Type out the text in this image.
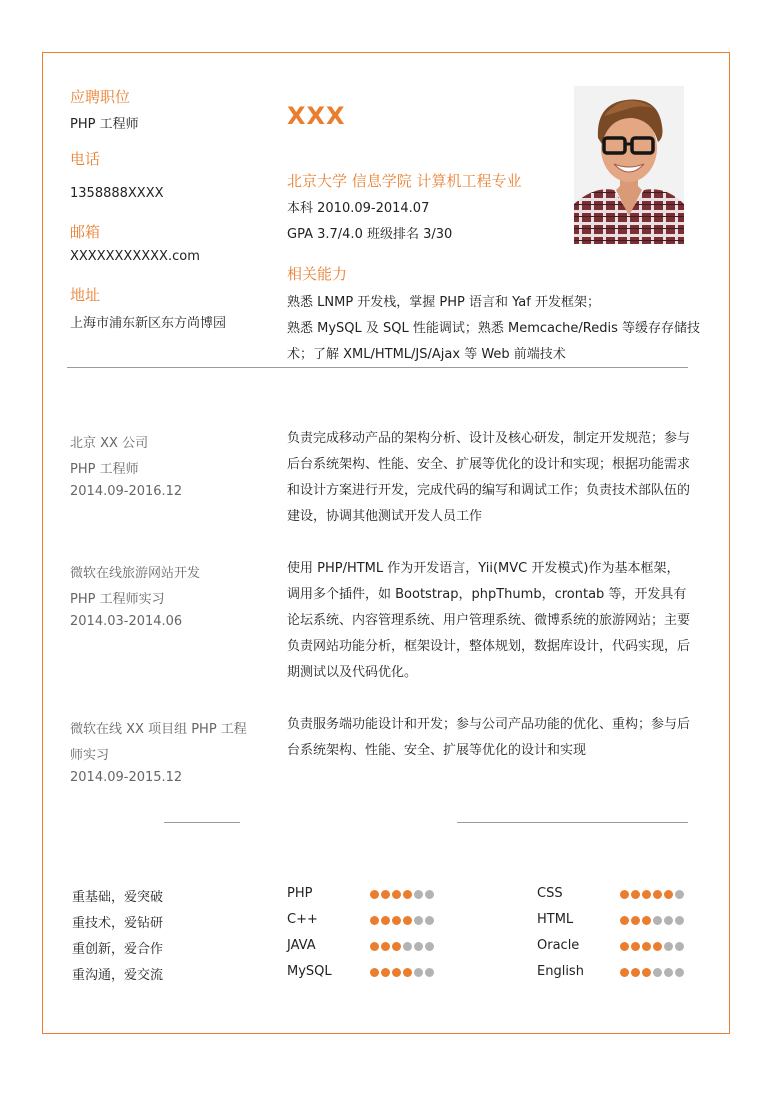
应聘职位
PHP 工程师
电话
1358888XXXX
邮箱
XXXXXXXXXXX.com
地址
上海市浦东新区东方尚博园
XXX
北京大学 信息学院 计算机工程专业
本科 2010.09-2014.07
GPA 3.7/4.0 班级排名 3/30
相关能力
熟悉 LNMP 开发栈，掌握 PHP 语言和 Yaf 开发框架；
熟悉 MySQL 及 SQL 性能调试；熟悉 Memcache/Redis 等缓存存储技
术；了解 XML/HTML/JS/Ajax 等 Web 前端技术
北京 XX 公司
PHP 工程师
2014.09-2016.12
负责完成移动产品的架构分析、设计及核心研发，制定开发规范；参与后台系统架构、性能、安全、扩展等优化的设计和实现；根据功能需求和设计方案进行开发，完成代码的编写和调试工作；负责技术部队伍的建设，协调其他测试开发人员工作
微软在线旅游网站开发
PHP 工程师实习
2014.03-2014.06
使用 PHP/HTML 作为开发语言，Yii(MVC 开发模式)作为基本框架，调用多个插件，如 Bootstrap，phpThumb，crontab 等，开发具有论坛系统、内容管理系统、用户管理系统、微博系统的旅游网站；主要负责网站功能分析，框架设计，整体规划，数据库设计，代码实现，后期测试以及代码优化。
微软在线 XX 项目组 PHP 工程
师实习
2014.09-2015.12
负责服务端功能设计和开发；参与公司产品功能的优化、重构；参与后台系统架构、性能、安全、扩展等优化的设计和实现
重基础，爱突破
重技术，爱钻研
重创新，爱合作
重沟通，爱交流
PHP
C++
JAVA
MySQL
CSS
HTML
Oracle
English
